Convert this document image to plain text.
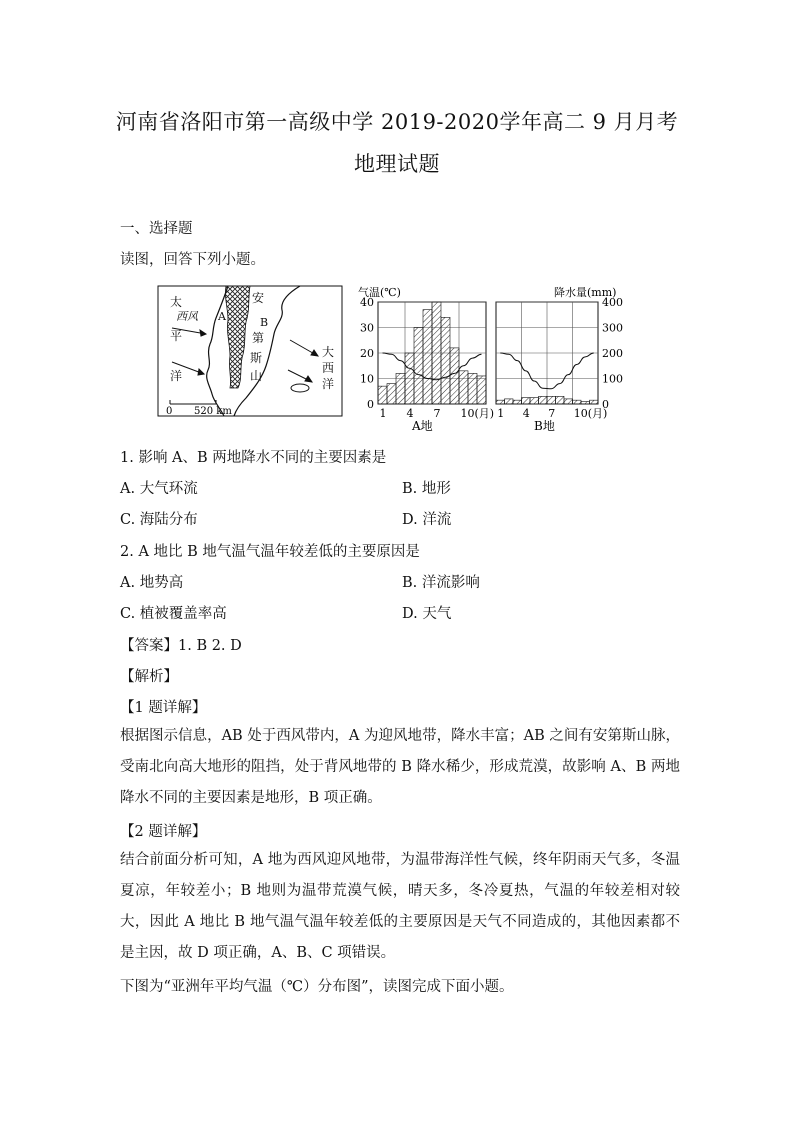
河南省洛阳市第一高级中学 2019-2020学年高二 9 月月考
地理试题
一、选择题
读图，回答下列小题。
太
西风
平
洋
A	B
安
第
斯
山
大
西
洋
0 520 km
气温(℃)
0
10
20
30
40
1 4 7 10(月)
A地
降水量(mm)
0
100
200
300
400
1 4 7 10(月)
B地
1. 影响 A、B 两地降水不同的主要因素是
A. 大气环流	B. 地形
C. 海陆分布	D. 洋流
2. A 地比 B 地气温气温年较差低的主要原因是
A. 地势高	B. 洋流影响
C. 植被覆盖率高	D. 天气
【答案】1. B 2. D
【解析】
【1 题详解】
根据图示信息，AB 处于西风带内，A 为迎风地带，降水丰富；AB 之间有安第斯山脉，受南北向高大地形的阻挡，处于背风地带的 B 降水稀少，形成荒漠，故影响 A、B 两地降水不同的主要因素是地形，B 项正确。
【2 题详解】
结合前面分析可知，A 地为西风迎风地带，为温带海洋性气候，终年阴雨天气多，冬温夏凉，年较差小；B 地则为温带荒漠气候，晴天多，冬冷夏热，气温的年较差相对较大，因此 A 地比 B 地气温气温年较差低的主要原因是天气不同造成的，其他因素都不是主因，故 D 项正确，A、B、C 项错误。
下图为“亚洲年平均气温（℃）分布图”，读图完成下面小题。
